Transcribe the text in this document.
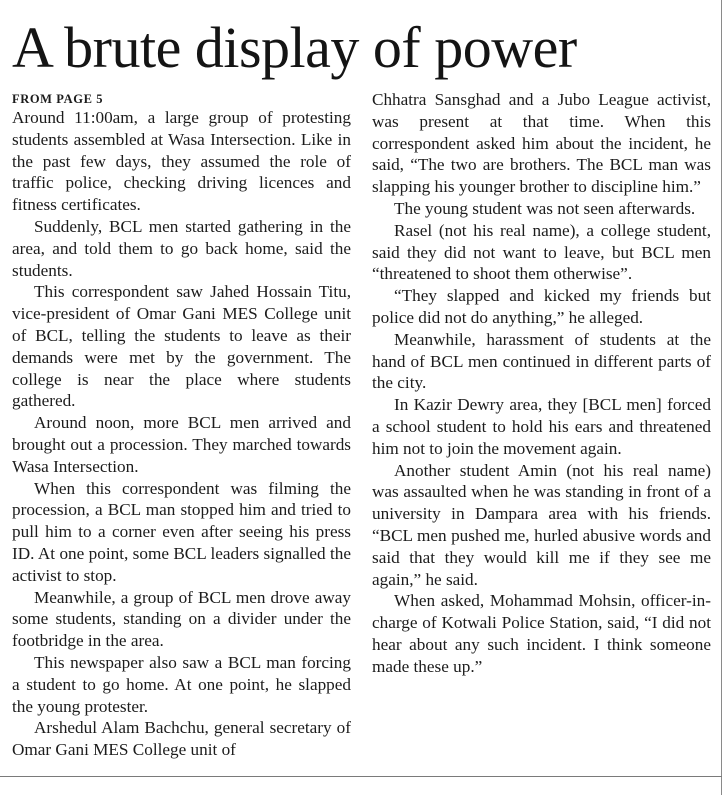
A brute display of power
FROM PAGE 5

Around 11:00am, a large group of protesting students assembled at Wasa Intersection. Like in the past few days, they assumed the role of traffic police, checking driving licences and fitness certificates.

Suddenly, BCL men started gathering in the area, and told them to go back home, said the students.

This correspondent saw Jahed Hossain Titu, vice-president of Omar Gani MES College unit of BCL, telling the students to leave as their demands were met by the government. The college is near the place where students gathered.

Around noon, more BCL men arrived and brought out a procession. They marched towards Wasa Intersection.

When this correspondent was filming the procession, a BCL man stopped him and tried to pull him to a corner even after seeing his press ID. At one point, some BCL leaders signalled the activist to stop.

Meanwhile, a group of BCL men drove away some students, standing on a divider under the footbridge in the area.

This newspaper also saw a BCL man forcing a student to go home. At one point, he slapped the young protester.

Arshedul Alam Bachchu, general secretary of Omar Gani MES College unit of

Chhatra Sansghad and a Jubo League activist, was present at that time. When this correspondent asked him about the incident, he said, “The two are brothers. The BCL man was slapping his younger brother to discipline him.”

The young student was not seen afterwards.

Rasel (not his real name), a college student, said they did not want to leave, but BCL men “threatened to shoot them otherwise”.

“They slapped and kicked my friends but police did not do anything,” he alleged.

Meanwhile, harassment of students at the hand of BCL men continued in different parts of the city.

In Kazir Dewry area, they [BCL men] forced a school student to hold his ears and threatened him not to join the movement again.

Another student Amin (not his real name) was assaulted when he was standing in front of a university in Dampara area with his friends. “BCL men pushed me, hurled abusive words and said that they would kill me if they see me again,” he said.

When asked, Mohammad Mohsin, officer-in-charge of Kotwali Police Station, said, “I did not hear about any such incident. I think someone made these up.”
